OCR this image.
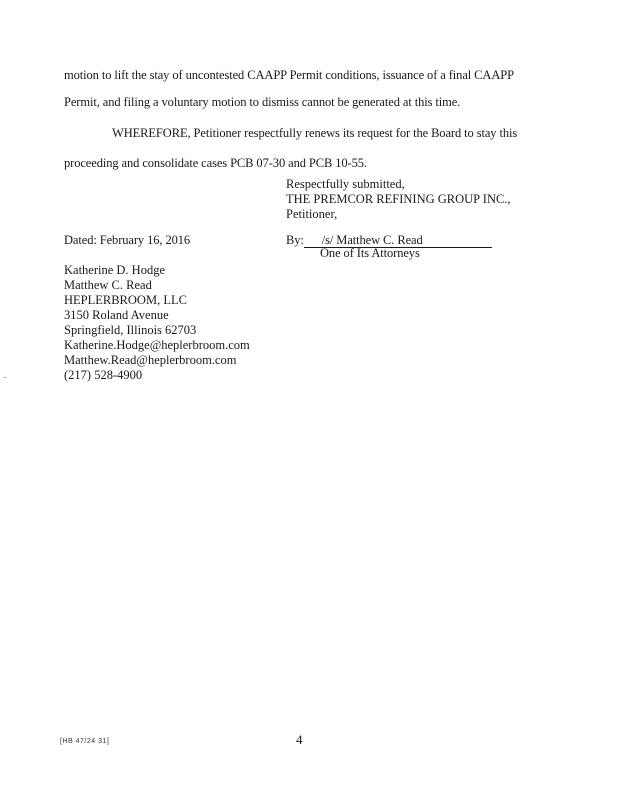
motion to lift the stay of uncontested CAAPP Permit conditions, issuance of a final CAAPP
Permit, and filing a voluntary motion to dismiss cannot be generated at this time.
WHEREFORE, Petitioner respectfully renews its request for the Board to stay this
proceeding and consolidate cases PCB 07-30 and PCB 10-55.
Respectfully submitted,
THE PREMCOR REFINING GROUP INC.,
Petitioner,
Dated: February 16, 2016	By: /s/ Matthew C. Read
One of Its Attorneys
Katherine D. Hodge
Matthew C. Read
HEPLERBROOM, LLC
3150 Roland Avenue
Springfield, Illinois 62703
Katherine.Hodge@heplerbroom.com
Matthew.Read@heplerbroom.com
(217) 528-4900
[HB 47/24 31]	4
